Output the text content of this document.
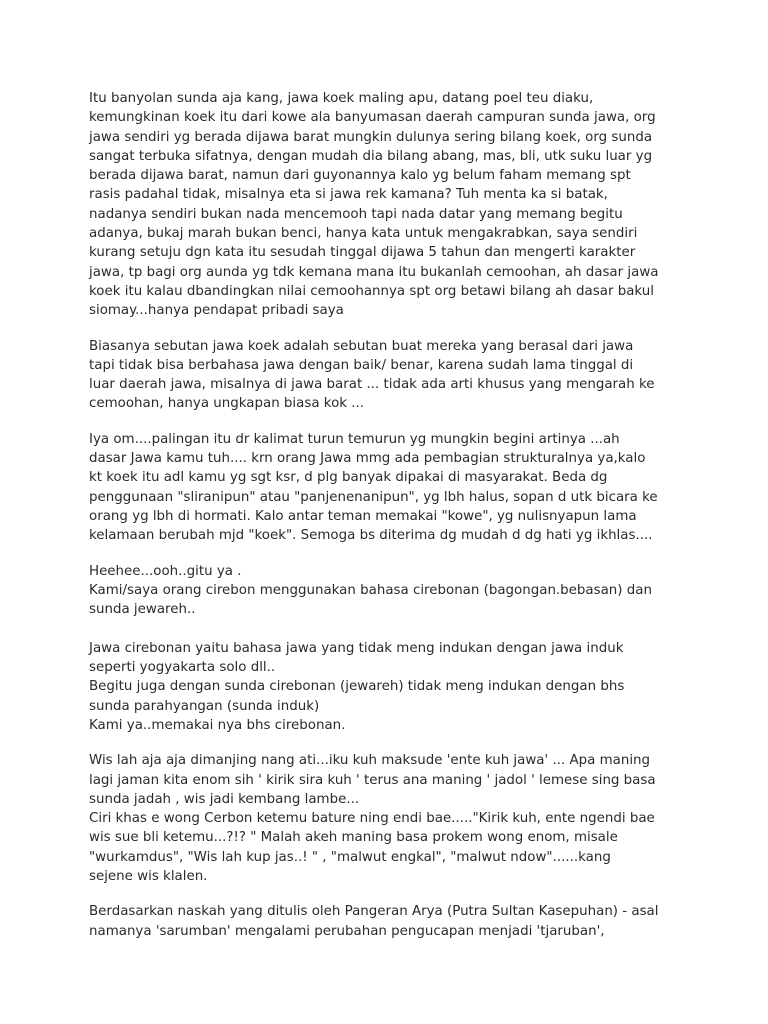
Itu banyolan sunda aja kang, jawa koek maling apu, datang poel teu diaku,
kemungkinan koek itu dari kowe ala banyumasan daerah campuran sunda jawa, org
jawa sendiri yg berada dijawa barat mungkin dulunya sering bilang koek, org sunda
sangat terbuka sifatnya, dengan mudah dia bilang abang, mas, bli, utk suku luar yg
berada dijawa barat, namun dari guyonannya kalo yg belum faham memang spt
rasis padahal tidak, misalnya eta si jawa rek kamana? Tuh menta ka si batak,
nadanya sendiri bukan nada mencemooh tapi nada datar yang memang begitu
adanya, bukaj marah bukan benci, hanya kata untuk mengakrabkan, saya sendiri
kurang setuju dgn kata itu sesudah tinggal dijawa 5 tahun dan mengerti karakter
jawa, tp bagi org aunda yg tdk kemana mana itu bukanlah cemoohan, ah dasar jawa
koek itu kalau dbandingkan nilai cemoohannya spt org betawi bilang ah dasar bakul
siomay...hanya pendapat pribadi saya
Biasanya sebutan jawa koek adalah sebutan buat mereka yang berasal dari jawa
tapi tidak bisa berbahasa jawa dengan baik/ benar, karena sudah lama tinggal di
luar daerah jawa, misalnya di jawa barat ... tidak ada arti khusus yang mengarah ke
cemoohan, hanya ungkapan biasa kok ...
Iya om....palingan itu dr kalimat turun temurun yg mungkin begini artinya ...ah
dasar Jawa kamu tuh.... krn orang Jawa mmg ada pembagian strukturalnya ya,kalo
kt koek itu adl kamu yg sgt ksr, d plg banyak dipakai di masyarakat. Beda dg
penggunaan "sliranipun" atau "panjenenanipun", yg lbh halus, sopan d utk bicara ke
orang yg lbh di hormati. Kalo antar teman memakai "kowe", yg nulisnyapun lama
kelamaan berubah mjd "koek". Semoga bs diterima dg mudah d dg hati yg ikhlas....
Heehee...ooh..gitu ya .
Kami/saya orang cirebon menggunakan bahasa cirebonan (bagongan.bebasan) dan
sunda jewareh..
Jawa cirebonan yaitu bahasa jawa yang tidak meng indukan dengan jawa induk
seperti yogyakarta solo dll..
Begitu juga dengan sunda cirebonan (jewareh) tidak meng indukan dengan bhs
sunda parahyangan (sunda induk)
Kami ya..memakai nya bhs cirebonan.
Wis lah aja aja dimanjing nang ati...iku kuh maksude 'ente kuh jawa' ... Apa maning
lagi jaman kita enom sih ' kirik sira kuh ' terus ana maning ' jadol ' lemese sing basa
sunda jadah , wis jadi kembang lambe...
Ciri khas e wong Cerbon ketemu bature ning endi bae....."Kirik kuh, ente ngendi bae
wis sue bli ketemu...?!? " Malah akeh maning basa prokem wong enom, misale
"wurkamdus", "Wis lah kup jas..! " , "malwut engkal", "malwut ndow"......kang
sejene wis klalen.
Berdasarkan naskah yang ditulis oleh Pangeran Arya (Putra Sultan Kasepuhan) - asal
namanya 'sarumban' mengalami perubahan pengucapan menjadi 'tjaruban',
